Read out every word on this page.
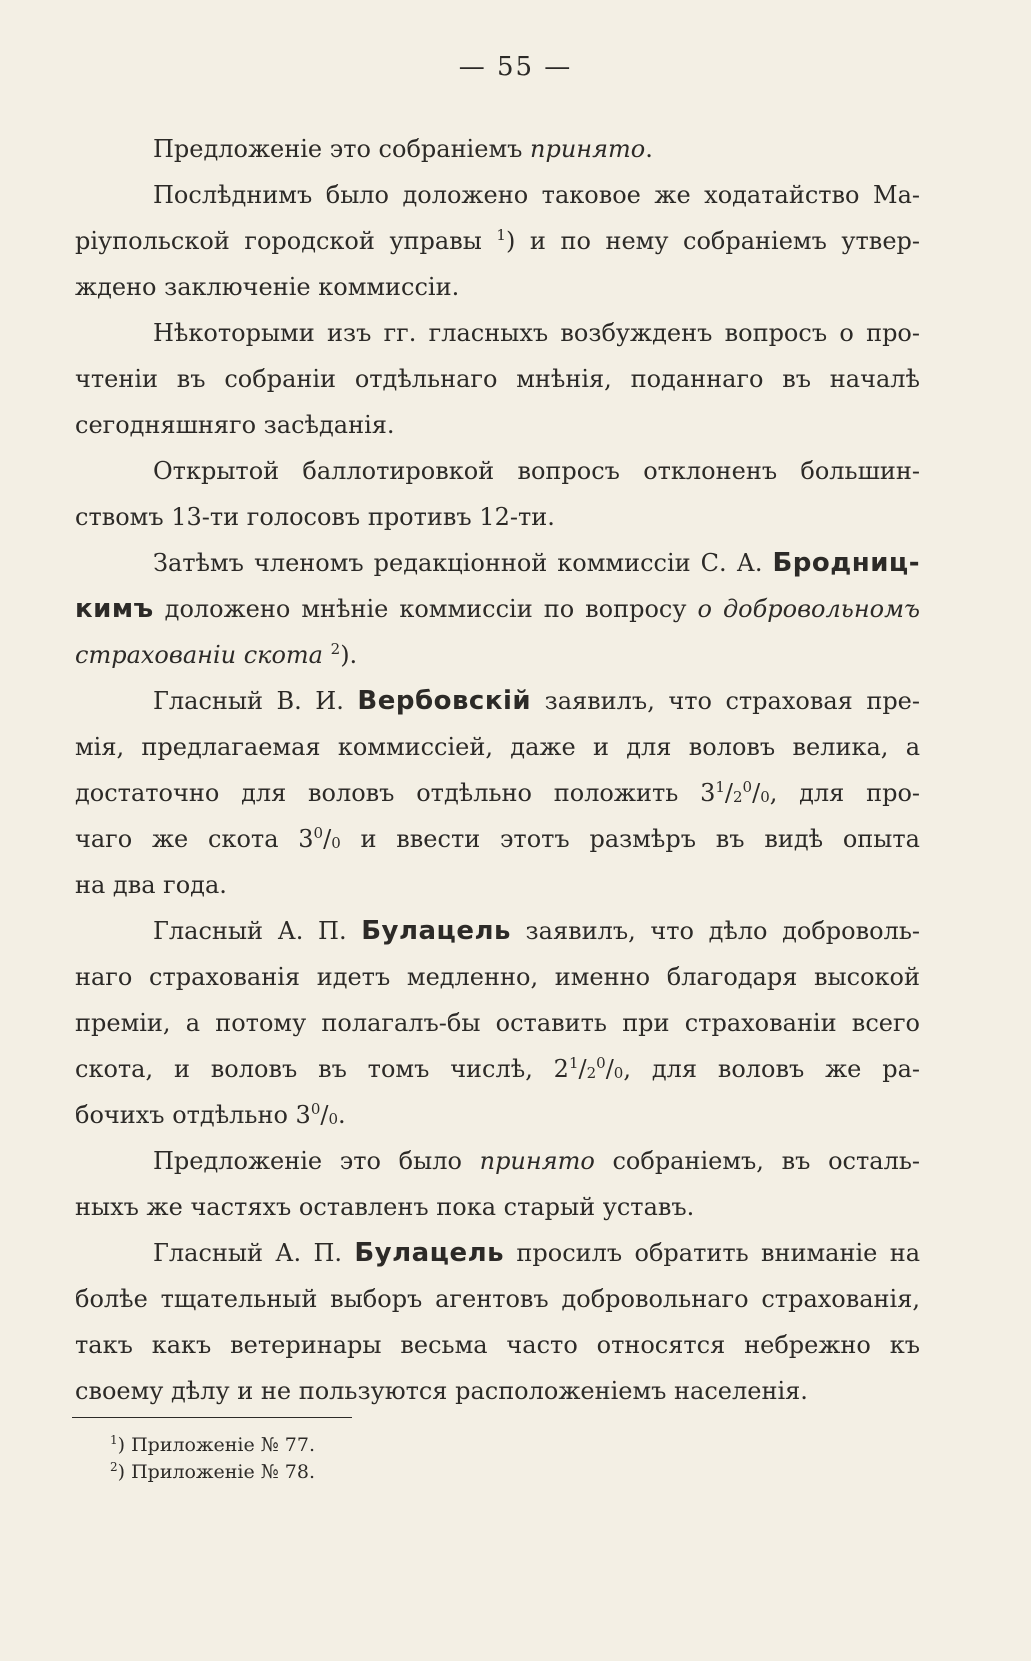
— 55 —
Предложеніе это собраніемъ принято.
Послѣднимъ было доложено таковое же ходатайство Ма-
ріупольской городской управы $^1$) и по нему собраніемъ утвер-
ждено заключеніе коммиссіи.
Нѣкоторыми изъ гг. гласныхъ возбужденъ вопросъ о про-
чтеніи въ собраніи отдѣльнаго мнѣнія, поданнаго въ началѣ
сегодняшняго засѣданія.
Открытой баллотировкой вопросъ отклоненъ большин-
ствомъ 13-ти голосовъ противъ 12-ти.
Затѣмъ членомъ редакціонной коммиссіи С. А. Бродниц-
кимъ доложено мнѣніе коммиссіи по вопросу о добровольномъ
страхованіи скота $^2$).
Гласный В. И. Вербовскій заявилъ, что страховая пре-
мія, предлагаемая коммиссіей, даже и для воловъ велика, а
достаточно для воловъ отдѣльно положить $3^1/_2^0/_0$, для про-
чаго же скота $3^0/_0$ и ввести этотъ размѣръ въ видѣ опыта
на два года.
Гласный А. П. Булацель заявилъ, что дѣло доброволь-
наго страхованія идетъ медленно, именно благодаря высокой
преміи, а потому полагалъ-бы оставить при страхованіи всего
скота, и воловъ въ томъ числѣ, $2^1/_2^0/_0$, для воловъ же ра-
бочихъ отдѣльно $3^0/_0$.
Предложеніе это было принято собраніемъ, въ осталь-
ныхъ же частяхъ оставленъ пока старый уставъ.
Гласный А. П. Булацель просилъ обратить вниманіе на
болѣе тщательный выборъ агентовъ добровольнаго страхованія,
такъ какъ ветеринары весьма часто относятся небрежно къ
своему дѣлу и не пользуются расположеніемъ населенія.
$^1$) Приложеніе № 77.
$^2$) Приложеніе № 78.
